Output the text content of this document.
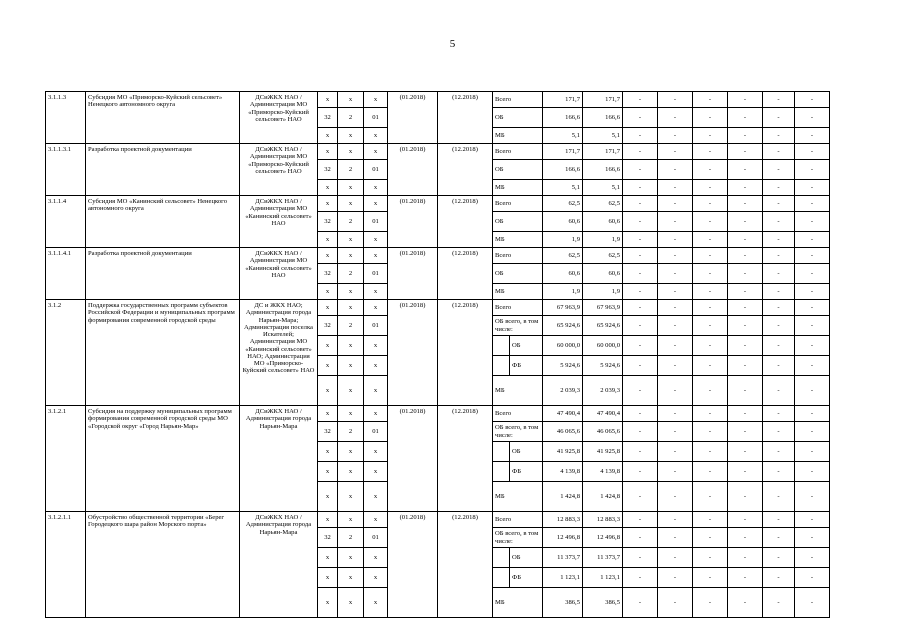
5
3.1.1.3	Субсидия МО «Приморско-Куйский сельсовет» Ненецкого автономного округа	ДСиЖКХ НАО / Администрация МО «Приморско-Куйский сельсовет» НАО	x	x	x	(01.2018)	(12.2018)	Всего		171,7	171,7	-	-	-	-	-	-
			32	2	01			ОБ		166,6	166,6	-	-	-	-	-	-
			x	x	x			МБ		5,1	5,1	-	-	-	-	-	-
3.1.1.3.1	Разработка проектной документации	ДСиЖКХ НАО / Администрация МО «Приморско-Куйский сельсовет» НАО	x	x	x	(01.2018)	(12.2018)	Всего		171,7	171,7	-	-	-	-	-	-
			32	2	01			ОБ		166,6	166,6	-	-	-	-	-	-
			x	x	x			МБ		5,1	5,1	-	-	-	-	-	-
3.1.1.4	Субсидия МО «Канинский сельсовет» Ненецкого автономного округа	ДСиЖКХ НАО / Администрация МО «Канинский сельсовет» НАО	x	x	x	(01.2018)	(12.2018)	Всего		62,5	62,5	-	-	-	-	-	-
			32	2	01			ОБ		60,6	60,6	-	-	-	-	-	-
			x	x	x			МБ		1,9	1,9	-	-	-	-	-	-
3.1.1.4.1	Разработка проектной документации	ДСиЖКХ НАО / Администрация МО «Канинский сельсовет» НАО	x	x	x	(01.2018)	(12.2018)	Всего		62,5	62,5	-	-	-	-	-	-
			32	2	01			ОБ		60,6	60,6	-	-	-	-	-	-
			x	x	x			МБ		1,9	1,9	-	-	-	-	-	-
3.1.2	Поддержка государственных программ субъектов Российской Федерации и муниципальных программ формирования современной городской среды	ДС и ЖКХ НАО; Администрация города Нарьян-Мара; Администрация поселка Искателей; Администрация МО «Канинский сельсовет» НАО; Администрация МО «Приморско-Куйский сельсовет» НАО	x	x	x	(01.2018)	(12.2018)	Всего		67 963,9	67 963,9	-	-	-	-	-	-
			32	2	01			ОБ всего, в том числе:		65 924,6	65 924,6	-	-	-	-	-	-
			x	x	x				ОБ	60 000,0	60 000,0	-	-	-	-	-	-
			x	x	x				ФБ	5 924,6	5 924,6	-	-	-	-	-	-
			x	x	x			МБ		2 039,3	2 039,3	-	-	-	-	-	-
3.1.2.1	Субсидия на поддержку муниципальных программ формирования современной городской среды МО «Городской округ «Город Нарьян-Мар»	ДСиЖКХ НАО / Администрация города Нарьян-Мара	x	x	x	(01.2018)	(12.2018)	Всего		47 490,4	47 490,4	-	-	-	-	-	-
			32	2	01			ОБ всего, в том числе:		46 065,6	46 065,6	-	-	-	-	-	-
			x	x	x				ОБ	41 925,8	41 925,8	-	-	-	-	-	-
			x	x	x				ФБ	4 139,8	4 139,8	-	-	-	-	-	-
			x	x	x			МБ		1 424,8	1 424,8	-	-	-	-	-	-
3.1.2.1.1	Обустройство общественной территории «Берег Городецкого шара район Морского порта»	ДСиЖКХ НАО / Администрация города Нарьян-Мара	x	x	x	(01.2018)	(12.2018)	Всего		12 883,3	12 883,3	-	-	-	-	-	-
			32	2	01			ОБ всего, в том числе:		12 496,8	12 496,8	-	-	-	-	-	-
			x	x	x				ОБ	11 373,7	11 373,7	-	-	-	-	-	-
			x	x	x				ФБ	1 123,1	1 123,1	-	-	-	-	-	-
			x	x	x			МБ		386,5	386,5	-	-	-	-	-	-
